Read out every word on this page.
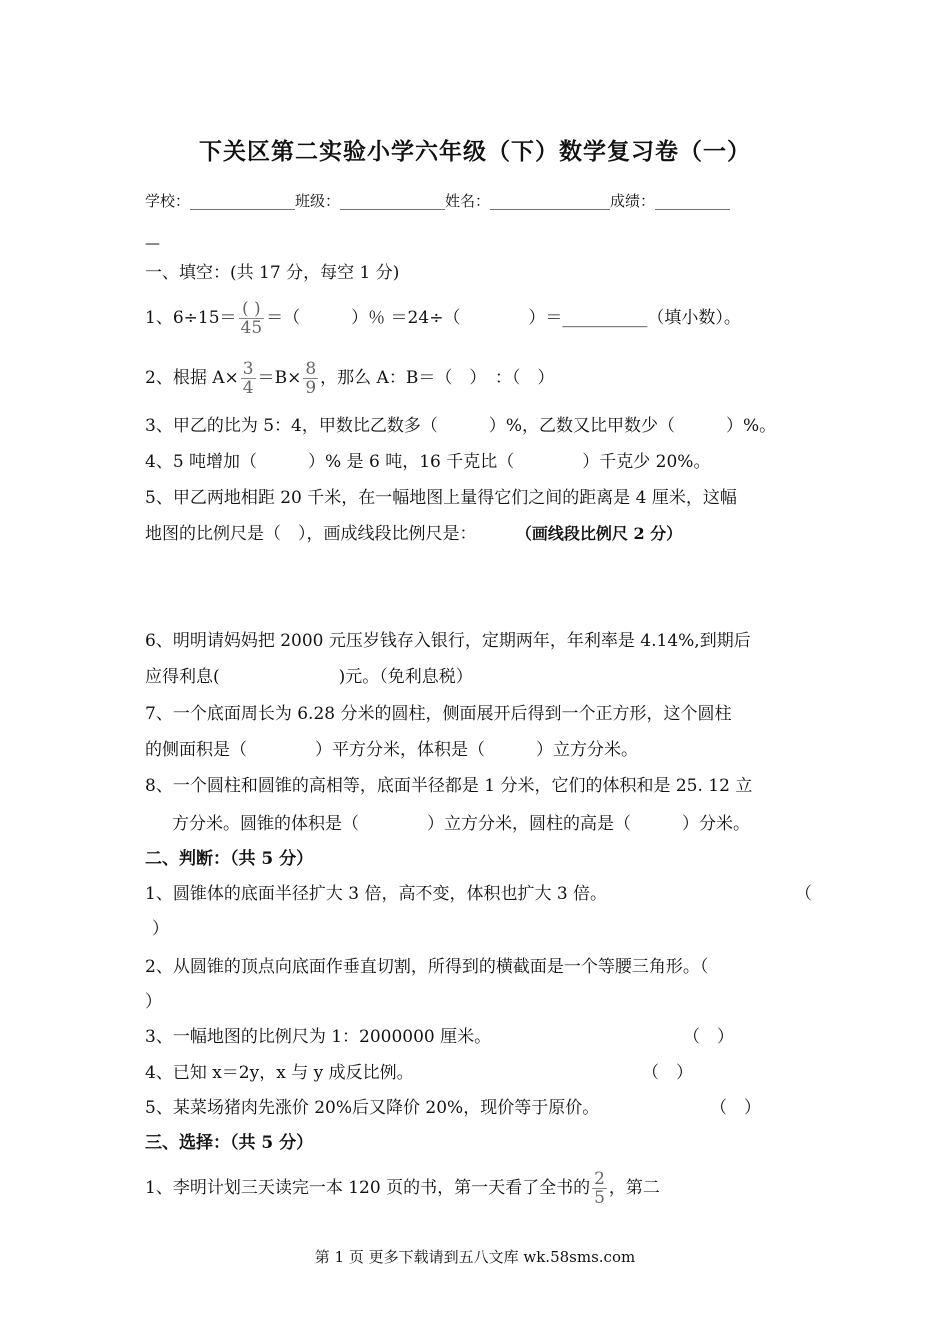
下关区第二实验小学六年级（下）数学复习卷（一）
学校：______________班级：______________姓名：________________成绩：__________
—
一、填空：(共 17 分，每空 1 分)
1、$6\div 15= \frac{( )}{45}$ ＝（　　　）％ ＝24÷（　　　　）＝__________（填小数）。
2、根据 $A\times \frac{3}{4} =B\times \frac{8}{9}$ ，那么 A：B＝（　）　：（　）
3、甲乙的比为 5：4，甲数比乙数多（　　　）%，乙数又比甲数少（　　　）%。
4、5 吨增加（　　　）% 是 6 吨，16 千克比（　　　　）千克少 20%。
5、甲乙两地相距 20 千米，在一幅地图上量得它们之间的距离是 4 厘米，这幅
地图的比例尺是（　），画成线段比例尺是： （画线段比例尺 2 分）
6、明明请妈妈把 2000 元压岁钱存入银行，定期两年，年利率是 4.14%,到期后
应得利息(　　　　　　　)元。（免利息税）
7、一个底面周长为 6.28 分米的圆柱，侧面展开后得到一个正方形，这个圆柱
的侧面积是（　　　　）平方分米，体积是（　　　）立方分米。
8、一个圆柱和圆锥的高相等，底面半径都是 1 分米，它们的体积和是 25. 12 立
方分米。圆锥的体积是（　　　　）立方分米，圆柱的高是（　　　）分米。
二、判断：（共 5 分）
1、圆锥体的底面半径扩大 3 倍，高不变，体积也扩大 3 倍。	（
）
2、从圆锥的顶点向底面作垂直切割，所得到的横截面是一个等腰三角形。（
）
3、一幅地图的比例尺为 1：2000000 厘米。	（　）
4、已知 x＝2y，x 与 y 成反比例。	（　）
5、某菜场猪肉先涨价 20%后又降价 20%，现价等于原价。	（　）
三、选择：（共 5 分）
1、李明计划三天读完一本 120 页的书，第一天看了全书的 $\frac{2}{5}$ ，第二
第 1 页 更多下载请到五八文库 wk.58sms.com
